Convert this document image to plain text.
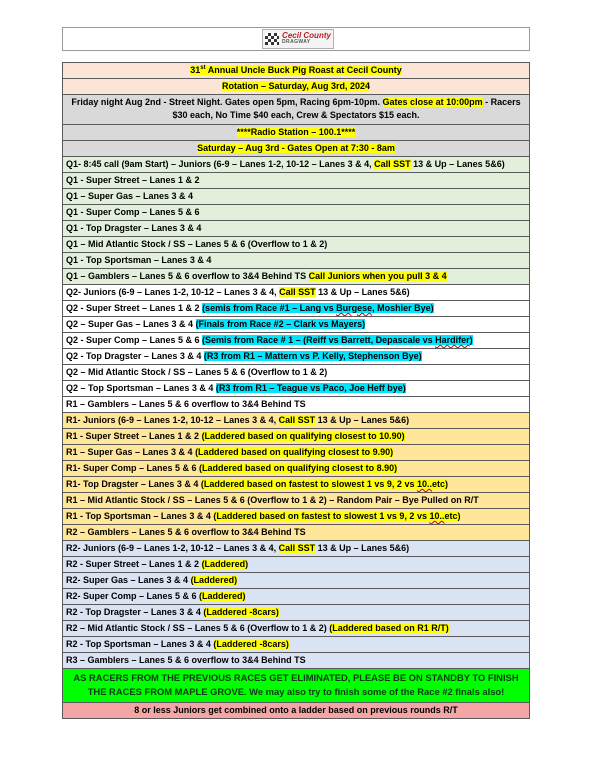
Cecil County
DRAGWAY
31st Annual Uncle Buck Pig Roast at Cecil County
Rotation – Saturday, Aug 3rd, 2024
Friday night Aug 2nd - Street Night. Gates open 5pm, Racing 6pm-10pm. Gates close at 10:00pm - Racers $30 each, No Time $40 each, Crew & Spectators $15 each.
****Radio Station – 100.1****
Saturday – Aug 3rd - Gates Open at 7:30 - 8am
Q1- 8:45 call (9am Start) – Juniors (6-9 – Lanes 1-2, 10-12 – Lanes 3 & 4, Call SST 13 & Up – Lanes 5&6)
Q1 - Super Street – Lanes 1 & 2
Q1 – Super Gas – Lanes 3 & 4
Q1 - Super Comp – Lanes 5 & 6
Q1 - Top Dragster – Lanes 3 & 4
Q1 – Mid Atlantic Stock / SS – Lanes 5 & 6 (Overflow to 1 & 2)
Q1 - Top Sportsman – Lanes 3 & 4
Q1 – Gamblers – Lanes 5 & 6 overflow to 3&4 Behind TS Call Juniors when you pull 3 & 4
Q2- Juniors (6-9 – Lanes 1-2, 10-12 – Lanes 3 & 4, Call SST 13 & Up – Lanes 5&6)
Q2 - Super Street – Lanes 1 & 2 (semis from Race #1 – Lang vs Burgese, Moshier Bye)
Q2 – Super Gas – Lanes 3 & 4 (Finals from Race #2 – Clark vs Mayers)
Q2 - Super Comp – Lanes 5 & 6 (Semis from Race # 1 – (Reiff vs Barrett, Depascale vs Hardifer)
Q2 - Top Dragster – Lanes 3 & 4 (R3 from R1 – Mattern vs P. Kelly, Stephenson Bye)
Q2 – Mid Atlantic Stock / SS – Lanes 5 & 6 (Overflow to 1 & 2)
Q2 – Top Sportsman – Lanes 3 & 4 (R3 from R1 – Teague vs Paco, Joe Heff bye)
R1 – Gamblers – Lanes 5 & 6 overflow to 3&4 Behind TS
R1- Juniors (6-9 – Lanes 1-2, 10-12 – Lanes 3 & 4, Call SST 13 & Up – Lanes 5&6)
R1 - Super Street – Lanes 1 & 2 (Laddered based on qualifying closest to 10.90)
R1 – Super Gas – Lanes 3 & 4 (Laddered based on qualifying closest to 9.90)
R1- Super Comp – Lanes 5 & 6 (Laddered based on qualifying closest to 8.90)
R1- Top Dragster – Lanes 3 & 4 (Laddered based on fastest to slowest 1 vs 9, 2 vs 10..etc)
R1 – Mid Atlantic Stock / SS – Lanes 5 & 6 (Overflow to 1 & 2) – Random Pair – Bye Pulled on R/T
R1 - Top Sportsman – Lanes 3 & 4 (Laddered based on fastest to slowest 1 vs 9, 2 vs 10..etc)
R2 – Gamblers – Lanes 5 & 6 overflow to 3&4 Behind TS
R2- Juniors (6-9 – Lanes 1-2, 10-12 – Lanes 3 & 4, Call SST 13 & Up – Lanes 5&6)
R2 - Super Street – Lanes 1 & 2 (Laddered)
R2- Super Gas – Lanes 3 & 4 (Laddered)
R2- Super Comp – Lanes 5 & 6 (Laddered)
R2 - Top Dragster – Lanes 3 & 4 (Laddered -8cars)
R2 – Mid Atlantic Stock / SS – Lanes 5 & 6 (Overflow to 1 & 2) (Laddered based on R1 R/T)
R2 - Top Sportsman – Lanes 3 & 4 (Laddered -8cars)
R3 – Gamblers – Lanes 5 & 6 overflow to 3&4 Behind TS
AS RACERS FROM THE PREVIOUS RACES GET ELIMINATED, PLEASE BE ON STANDBY TO FINISH THE RACES FROM MAPLE GROVE. We may also try to finish some of the Race #2 finals also!
8 or less Juniors get combined onto a ladder based on previous rounds R/T
